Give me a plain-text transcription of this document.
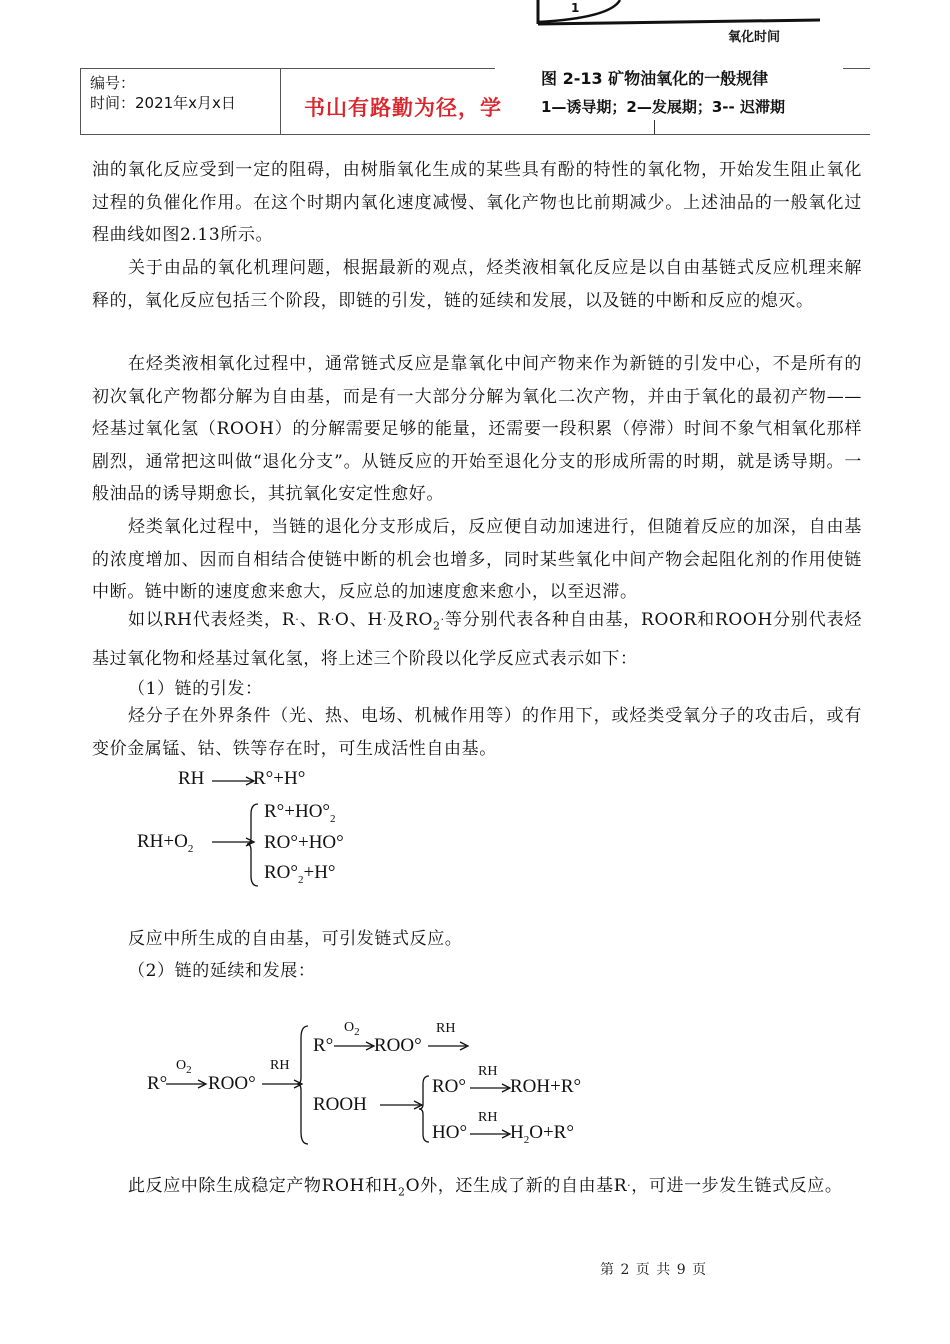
1
氧化时间
编号：
时间：2021年x月x日	书山有路勤为径，学
图 2-13 矿物油氧化的一般规律
1—诱导期；2—发展期；3-- 迟滞期
油的氧化反应受到一定的阻碍，由树脂氧化生成的某些具有酚的特性的氧化物，开始发生阻止氧化过程的负催化作用。在这个时期内氧化速度减慢、氧化产物也比前期减少。上述油品的一般氧化过程曲线如图2.13所示。
关于由品的氧化机理问题，根据最新的观点，烃类液相氧化反应是以自由基链式反应机理来解释的，氧化反应包括三个阶段，即链的引发，链的延续和发展，以及链的中断和反应的熄灭。
在烃类液相氧化过程中，通常链式反应是靠氧化中间产物来作为新链的引发中心，不是所有的初次氧化产物都分解为自由基，而是有一大部分分解为氧化二次产物，并由于氧化的最初产物——烃基过氧化氢（ROOH）的分解需要足够的能量，还需要一段积累（停滞）时间不象气相氧化那样剧烈，通常把这叫做“退化分支”。从链反应的开始至退化分支的形成所需的时期，就是诱导期。一般油品的诱导期愈长，其抗氧化安定性愈好。
烃类氧化过程中，当链的退化分支形成后，反应便自动加速进行，但随着反应的加深，自由基的浓度增加、因而自相结合使链中断的机会也增多，同时某些氧化中间产物会起阻化剂的作用使链中断。链中断的速度愈来愈大，反应总的加速度愈来愈小，以至迟滞。
如以RH代表烃类，R·、R·O、H·及$RO_2^\cdot$等分别代表各种自由基，ROOR和ROOH分别代表烃基过氧化物和烃基过氧化氢，将上述三个阶段以化学反应式表示如下：
（1）链的引发：
烃分子在外界条件（光、热、电场、机械作用等）的作用下，或烃类受氧分子的攻击后，或有变价金属锰、钴、铁等存在时，可生成活性自由基。
RH	R°+H°
$RH+O_2$
$R^\circ+HO^\circ_2$
RO°+HO°
$RO^\circ_2+H^\circ$
反应中所生成的自由基，可引发链式反应。
（2）链的延续和发展：
R°
$O_2$
ROO°
RH
R°
$O_2$
ROO°
RH
ROOH
RO°
RH
ROH+R°
HO°
RH
$H_2O+R^\circ$
此反应中除生成稳定产物ROH和$H_2O$外，还生成了新的自由基R·，可进一步发生链式反应。
第 2 页 共 9 页
